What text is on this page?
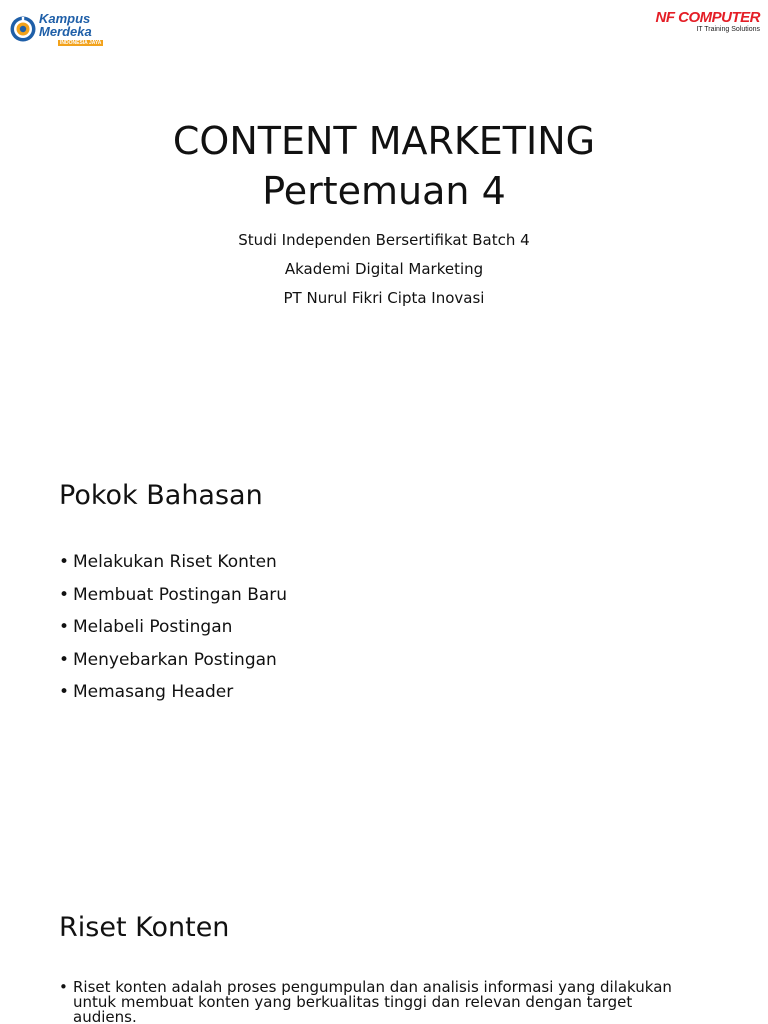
Kampus
Merdeka
INDONESIA JAYA
NF COMPUTER
IT Training Solutions
CONTENT MARKETING
Pertemuan 4
Studi Independen Bersertifikat Batch 4
Akademi Digital Marketing
PT Nurul Fikri Cipta Inovasi
Pokok Bahasan
• Melakukan Riset Konten
• Membuat Postingan Baru
• Melabeli Postingan
• Menyebarkan Postingan
• Memasang Header
Riset Konten
• Riset konten adalah proses pengumpulan dan analisis informasi yang dilakukan untuk membuat konten yang berkualitas tinggi dan relevan dengan target audiens.
